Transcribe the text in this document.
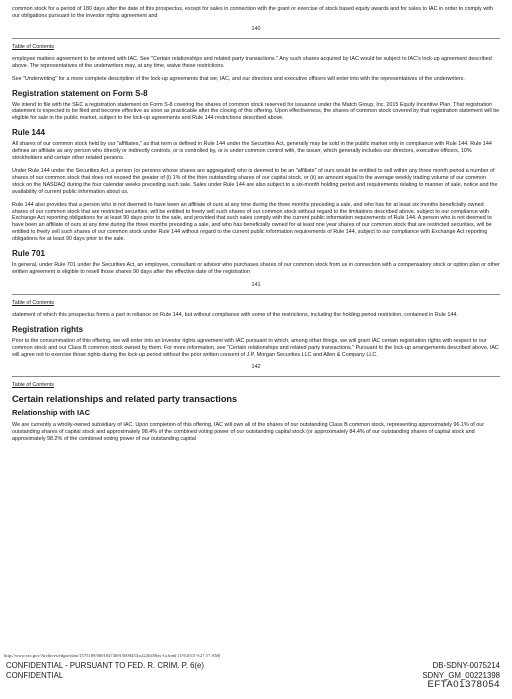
common stock for a period of 180 days after the date of this prospectus, except for sales in connection with the grant or exercise of stock based equity awards and for sales to IAC in order to comply with our obligations pursuant to the investor rights agreement and

140
Table of Contents

employee matters agreement to be entered with IAC. See "Certain relationships and related party transactions." Any such shares acquired by IAC would be subject to IAC's lock-up agreement described above. The representatives of the underwriters may, at any time, waive these restrictions.

See "Underwriting" for a more complete description of the lock-up agreements that we, IAC, and our directors and executive officers will enter into with the representatives of the underwriters.

Registration statement on Form S-8

We intend to file with the SEC a registration statement on Form S-8 covering the shares of common stock reserved for issuance under the Match Group, Inc. 2015 Equity Incentive Plan. That registration statement is expected to be filed and become effective as soon as practicable after the closing of this offering. Upon effectiveness, the shares of common stock covered by that registration statement will be eligible for sale in the public market, subject to the lock-up agreements and Rule 144 restrictions described above.

Rule 144

All shares of our common stock held by our "affiliates," as that term is defined in Rule 144 under the Securities Act, generally may be sold in the public market only in compliance with Rule 144. Rule 144 defines an affiliate as any person who directly or indirectly controls, or is controlled by, or is under common control with, the issuer, which generally includes our directors, executive officers, 10% stockholders and certain other related persons.

Under Rule 144 under the Securities Act, a person (or persons whose shares are aggregated) who is deemed to be an "affiliate" of ours would be entitled to sell within any three month period a number of shares of our common stock that does not exceed the greater of (i) 1% of the then outstanding shares of our capital stock, or (ii) an amount equal to the average weekly trading volume of our common stock on the NASDAQ during the four calendar weeks preceding such sale. Sales under Rule 144 are also subject to a six-month holding period and requirements relating to manner of sale, notice and the availability of current public information about us.

Rule 144 also provides that a person who is not deemed to have been an affiliate of ours at any time during the three months preceding a sale, and who has for at least six months beneficially owned shares of our common stock that are restricted securities, will be entitled to freely sell such shares of our common stock without regard to the limitations described above, subject to our compliance with Exchange Act reporting obligations for at least 90 days prior to the sale, and provided that such sales comply with the current public information requirements of Rule 144. A person who is not deemed to have been an affiliate of ours at any time during the three months preceding a sale, and who has beneficially owned for at least one year shares of our common stock that are restricted securities, will be entitled to freely sell such shares of our common stock under Rule 144 without regard to the current public information requirements of Rule 144, subject to our compliance with Exchange Act reporting obligations for at least 90 days prior to the sale.

Rule 701

In general, under Rule 701 under the Securities Act, an employee, consultant or advisor who purchases shares of our common stock from us in connection with a compensatory stock or option plan or other written agreement is eligible to resell those shares 90 days after the effective date of the registration

141
Table of Contents

statement of which this prospectus forms a part in reliance on Rule 144, but without compliance with some of the restrictions, including the holding period restriction, contained in Rule 144.

Registration rights

Prior to the consummation of this offering, we will enter into an investor rights agreement with IAC pursuant to which, among other things, we will grant IAC certain registration rights with respect to our common stock and our Class B common stock owned by them. For more information, see "Certain relationships and related party transactions." Pursuant to the lock-up arrangements described above, IAC will agree not to exercise those rights during the lock-up period without the prior written consent of J.P. Morgan Securities LLC and Allen & Company LLC.

142
Table of Contents
Certain relationships and related party transactions
Relationship with IAC

We are currently a wholly-owned subsidiary of IAC. Upon completion of this offering, IAC will own all of the shares of our outstanding Class B common stock, representing approximately 96.1% of our outstanding shares of capital stock and approximately 98.4% of the combined voting power of our outstanding capital stock (or approximately 84.4% of our outstanding shares of capital stock and approximately 98.2% of the combined voting power of our outstanding capital

http://www.sec.gov/Archives/edgar/data/1575189/000104746915008454/a2226458zs-1a.htm[11/9/2015 9:27:17 AM]
CONFIDENTIAL - PURSUANT TO FED. R. CRIM. P. 6(e)
CONFIDENTIAL
DB-SDNY-0075214
SDNY_GM_00221398
EFTA01378054
